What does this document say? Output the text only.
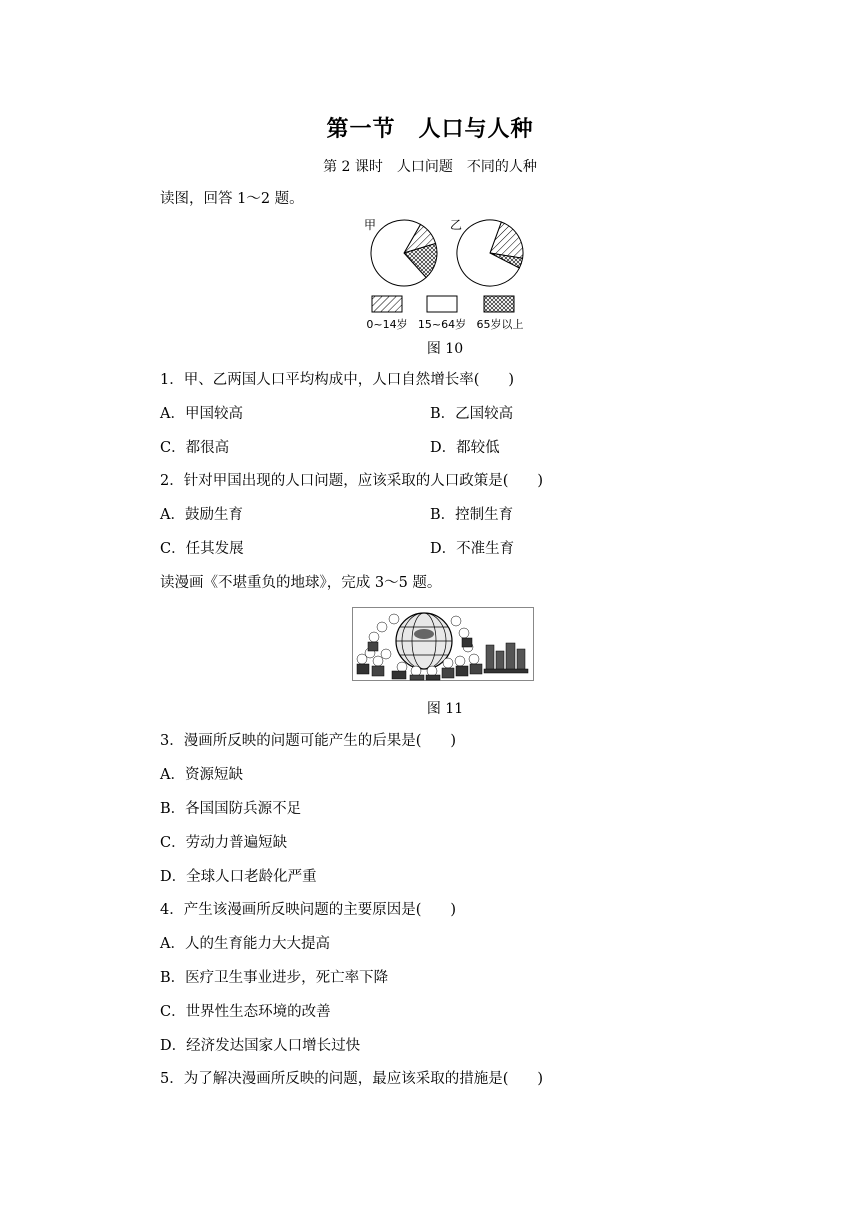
第一节　人口与人种
第 2 课时　人口问题　不同的人种
读图，回答 1～2 题。
甲	乙
0~14岁 15~64岁 65岁以上
图 10
1．甲、乙两国人口平均构成中，人口自然增长率(　　)
A．甲国较高	B．乙国较高
C．都很高	D．都较低
2．针对甲国出现的人口问题，应该采取的人口政策是(　　)
A．鼓励生育	B．控制生育
C．任其发展	D．不准生育
读漫画《不堪重负的地球》，完成 3～5 题。
图 11
3．漫画所反映的问题可能产生的后果是(　　)
A．资源短缺
B．各国国防兵源不足
C．劳动力普遍短缺
D．全球人口老龄化严重
4．产生该漫画所反映问题的主要原因是(　　)
A．人的生育能力大大提高
B．医疗卫生事业进步，死亡率下降
C．世界性生态环境的改善
D．经济发达国家人口增长过快
5．为了解决漫画所反映的问题，最应该采取的措施是(　　)
